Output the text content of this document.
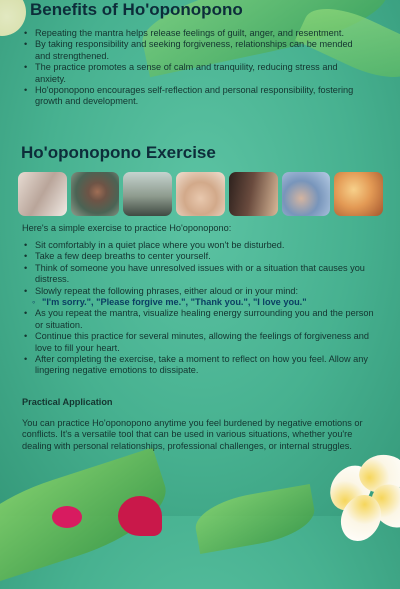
Benefits of Ho'oponopono
• Repeating the mantra helps release feelings of guilt, anger, and resentment.
• By taking responsibility and seeking forgiveness, relationships can be mended and strengthened.
• The practice promotes a sense of calm and tranquility, reducing stress and anxiety.
• Ho'oponopono encourages self-reflection and personal responsibility, fostering growth and development.
Ho'oponopono Exercise
Here's a simple exercise to practice Ho'oponopono:
• Sit comfortably in a quiet place where you won't be disturbed.
• Take a few deep breaths to center yourself.
• Think of someone you have unresolved issues with or a situation that causes you distress.
• Slowly repeat the following phrases, either aloud or in your mind:
◦ "I'm sorry.", "Please forgive me.", "Thank you.", "I love you."
• As you repeat the mantra, visualize healing energy surrounding you and the person or situation.
• Continue this practice for several minutes, allowing the feelings of forgiveness and love to fill your heart.
• After completing the exercise, take a moment to reflect on how you feel. Allow any lingering negative emotions to dissipate.
Practical Application
You can practice Ho'oponopono anytime you feel burdened by negative emotions or conflicts. It's a versatile tool that can be used in various situations, whether you're dealing with personal relationships, professional challenges, or internal struggles.
